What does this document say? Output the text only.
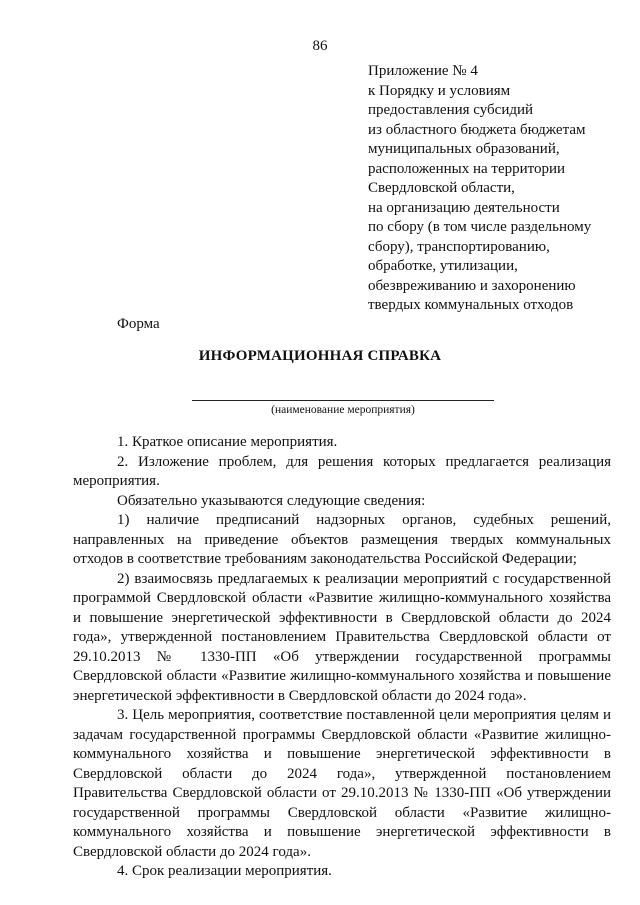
86
Приложение № 4
к Порядку и условиям
предоставления субсидий
из областного бюджета бюджетам
муниципальных образований,
расположенных на территории
Свердловской области,
на организацию деятельности
по сбору (в том числе раздельному
сбору), транспортированию,
обработке, утилизации,
обезвреживанию и захоронению
твердых коммунальных отходов
Форма
ИНФОРМАЦИОННАЯ СПРАВКА
(наименование мероприятия)

1. Краткое описание мероприятия.

2. Изложение проблем, для решения которых предлагается реализация мероприятия.

Обязательно указываются следующие сведения:

1) наличие предписаний надзорных органов, судебных решений, направленных на приведение объектов размещения твердых коммунальных отходов в соответствие требованиям законодательства Российской Федерации;

2) взаимосвязь предлагаемых к реализации мероприятий с государственной программой Свердловской области «Развитие жилищно-коммунального хозяйства и повышение энергетической эффективности в Свердловской области до 2024 года», утвержденной постановлением Правительства Свердловской области от 29.10.2013 № 1330-ПП «Об утверждении государственной программы Свердловской области «Развитие жилищно-коммунального хозяйства и повышение энергетической эффективности в Свердловской области до 2024 года».

3. Цель мероприятия, соответствие поставленной цели мероприятия целям и задачам государственной программы Свердловской области «Развитие жилищно-коммунального хозяйства и повышение энергетической эффективности в Свердловской области до 2024 года», утвержденной постановлением Правительства Свердловской области от 29.10.2013 № 1330-ПП «Об утверждении государственной программы Свердловской области «Развитие жилищно-коммунального хозяйства и повышение энергетической эффективности в Свердловской области до 2024 года».

4. Срок реализации мероприятия.
